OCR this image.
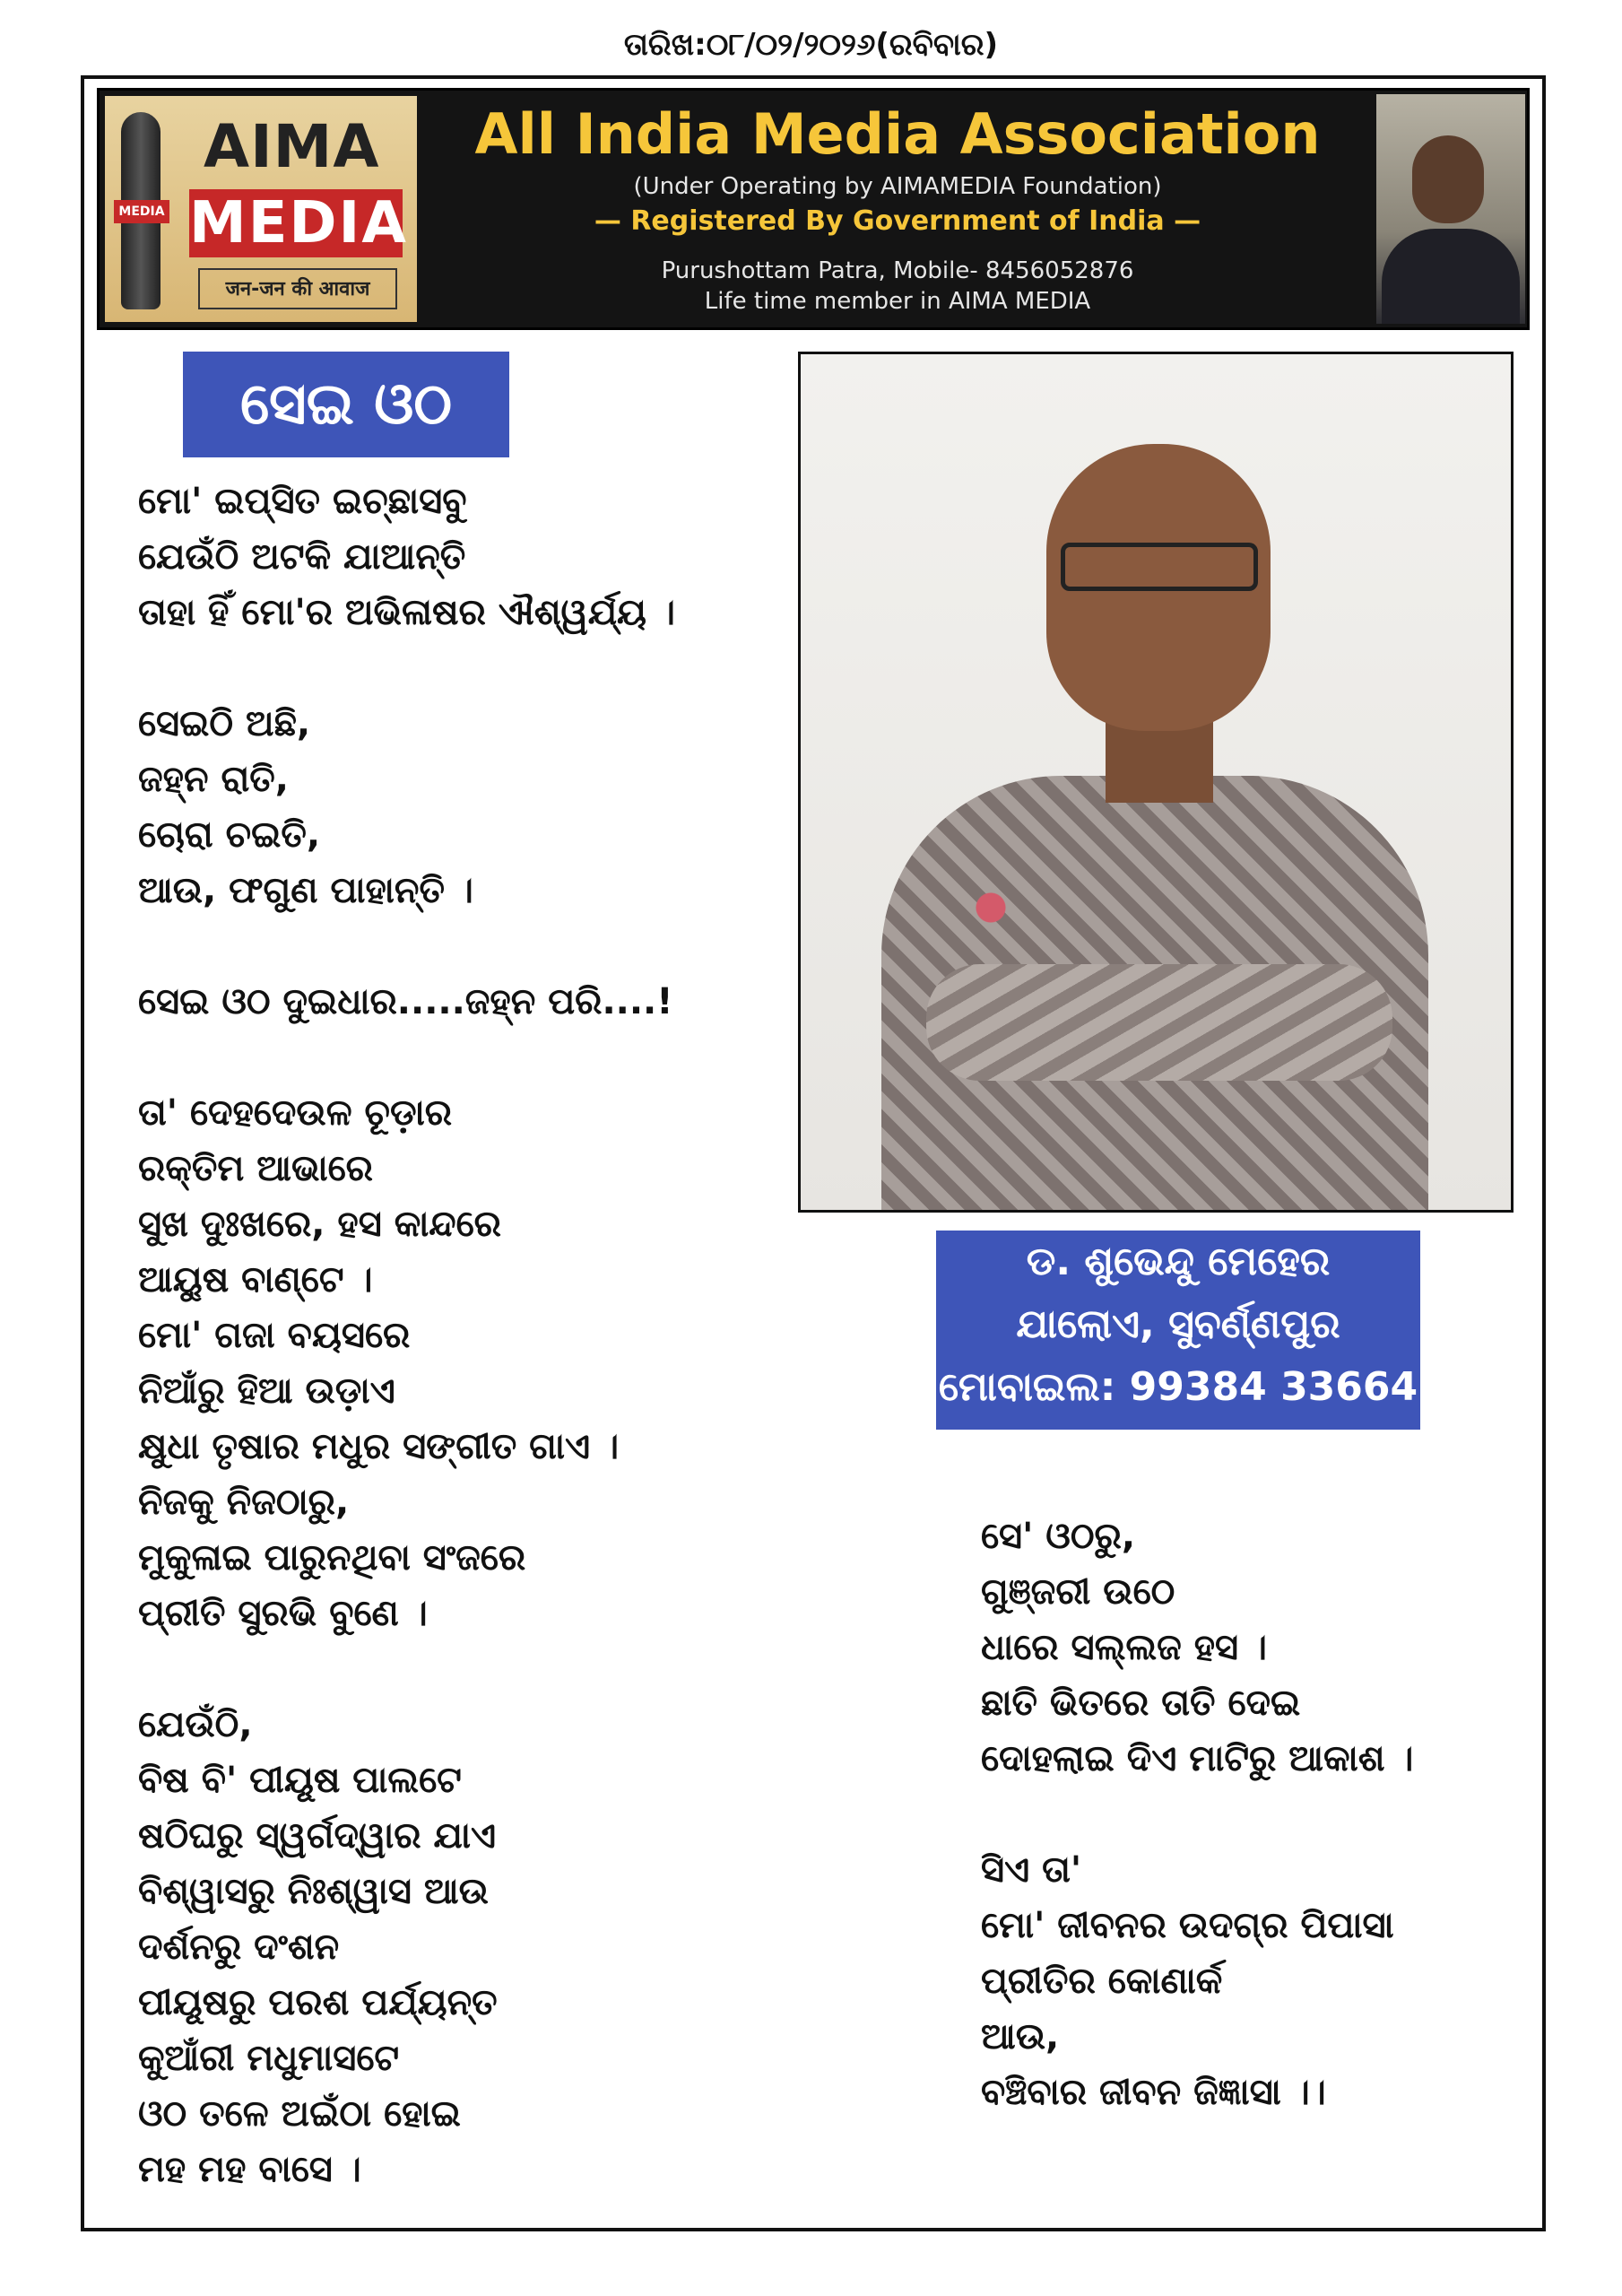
ତାରିଖ:୦୮/୦୨/୨୦୨୬(ରବିବାର)
MEDIA
AIMA
MEDIA
जन-जन की आवाज
All India Media Association
(Under Operating by AIMAMEDIA Foundation)
— Registered By Government of India —
Purushottam Patra, Mobile- 8456052876
Life time member in AIMA MEDIA
ସେଇ ଓଠ
ଡ. ଶୁଭେନ୍ଦୁ ମେହେର
ଯାଲୋଏ, ସୁବର୍ଣ୍ଣପୁର
ମୋବାଇଲ: 99384 33664
ମୋ' ଇପ୍ସିତ ଇଚ୍ଛାସବୁ
ଯେଉଁଠି ଅଟକି ଯାଆନ୍ତି
ତାହା ହିଁ ମୋ'ର ଅଭିଳାଷର ଐଶ୍ୱର୍ଯ୍ୟ ।
ସେଇଠି ଅଛି,
ଜହ୍ନ ରାତି,
ଚୋରା ଚଇତି,
ଆଉ, ଫଗୁଣ ପାହାନ୍ତି ।
ସେଇ ଓଠ ଦୁଇଧାର.....ଜହ୍ନ ପରି....!
ତା' ଦେହଦେଉଳ ଚୂଡ଼ାର
ରକ୍ତିମ ଆଭାରେ
ସୁଖ ଦୁଃଖରେ, ହସ କାନ୍ଦରେ
ଆୟୁଷ ବାଣ୍ଟେ ।
ମୋ' ଗଜା ବୟସରେ
ନିଆଁରୁ ହିଆ ଉଡ଼ାଏ
କ୍ଷୁଧା ତୃଷାର ମଧୁର ସଙ୍ଗୀତ ଗାଏ ।
ନିଜକୁ ନିଜଠାରୁ,
ମୁକୁଳାଇ ପାରୁନଥିବା ସଂଜରେ
ପ୍ରୀତି ସୁରଭି ବୁଣେ ।
ଯେଉଁଠି,
ବିଷ ବି' ପୀୟୂଷ ପାଲଟେ
ଷଠିଘରୁ ସ୍ୱର୍ଗଦ୍ୱାର ଯାଏ
ବିଶ୍ୱାସରୁ ନିଃଶ୍ୱାସ ଆଉ
ଦର୍ଶନରୁ ଦଂଶନ
ପୀୟୂଷରୁ ପରଶ ପର୍ଯ୍ୟନ୍ତ
କୁଆଁରୀ ମଧୁମାସଟେ
ଓଠ ତଳେ ଅଇଁଠା ହୋଇ
ମହ ମହ ବାସେ ।
ସେ' ଓଠରୁ,
ଗୁଞ୍ଜରୀ ଉଠେ
ଧାରେ ସଲ୍ଲଜ ହସ ।
ଛାତି ଭିତରେ ତାତି ଦେଇ
ଦୋହଲାଇ ଦିଏ ମାଟିରୁ ଆକାଶ ।
ସିଏ ତା'
ମୋ' ଜୀବନର ଉଦଗ୍ର ପିପାସା
ପ୍ରୀତିର କୋଣାର୍କ
ଆଉ,
ବଞ୍ଚିବାର ଜୀବନ ଜିଜ୍ଞାସା ।।
